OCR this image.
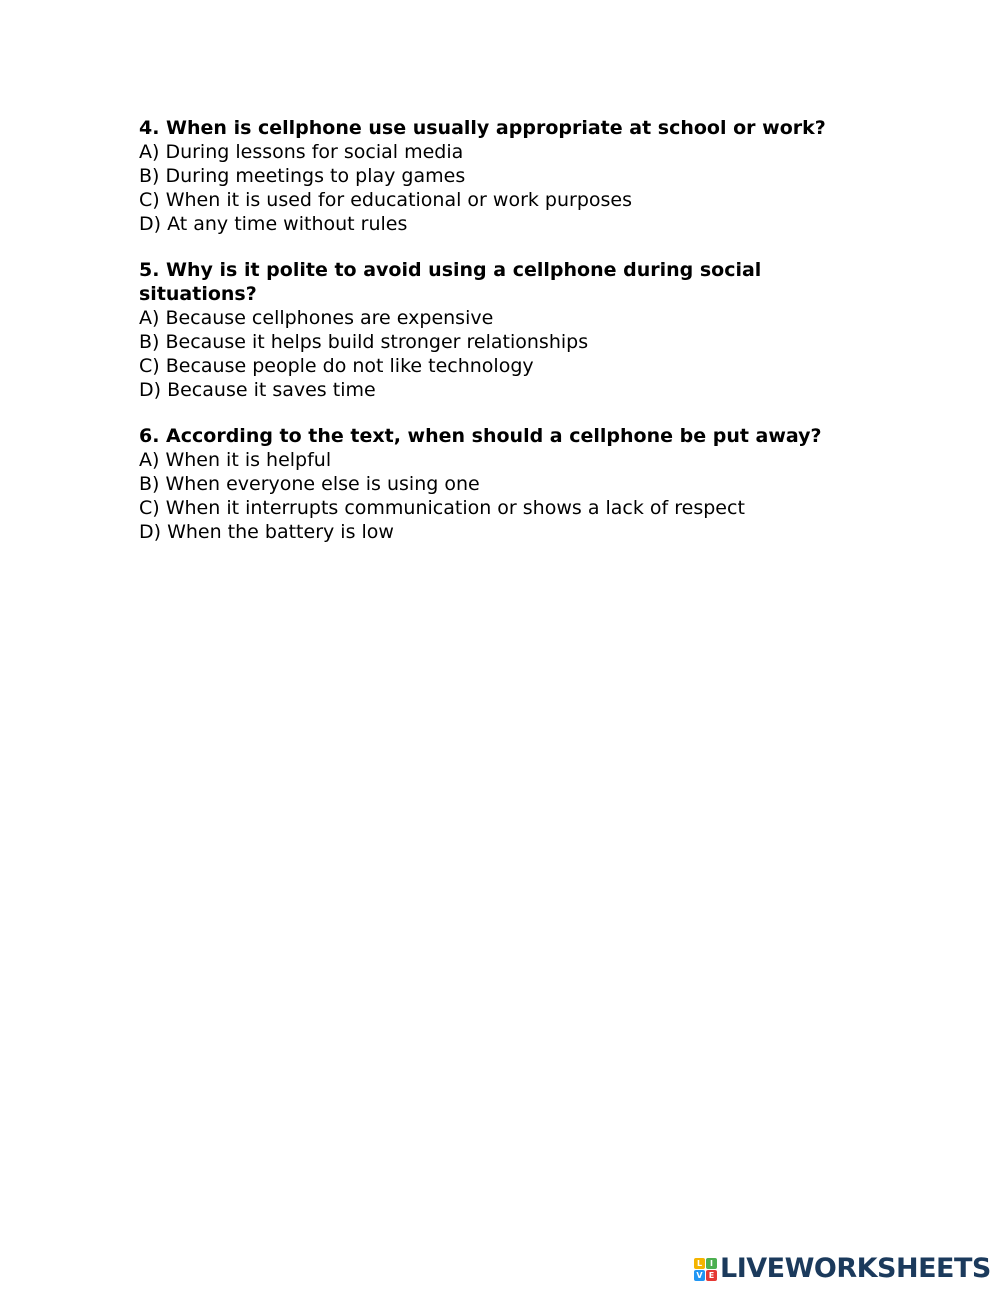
4. When is cellphone use usually appropriate at school or work?

A) During lessons for social media

B) During meetings to play games

C) When it is used for educational or work purposes

D) At any time without rules

5. Why is it polite to avoid using a cellphone during social

situations?

A) Because cellphones are expensive

B) Because it helps build stronger relationships

C) Because people do not like technology

D) Because it saves time

6. According to the text, when should a cellphone be put away?

A) When it is helpful

B) When everyone else is using one

C) When it interrupts communication or shows a lack of respect

D) When the battery is low

L I
V E LIVEWORKSHEETS
